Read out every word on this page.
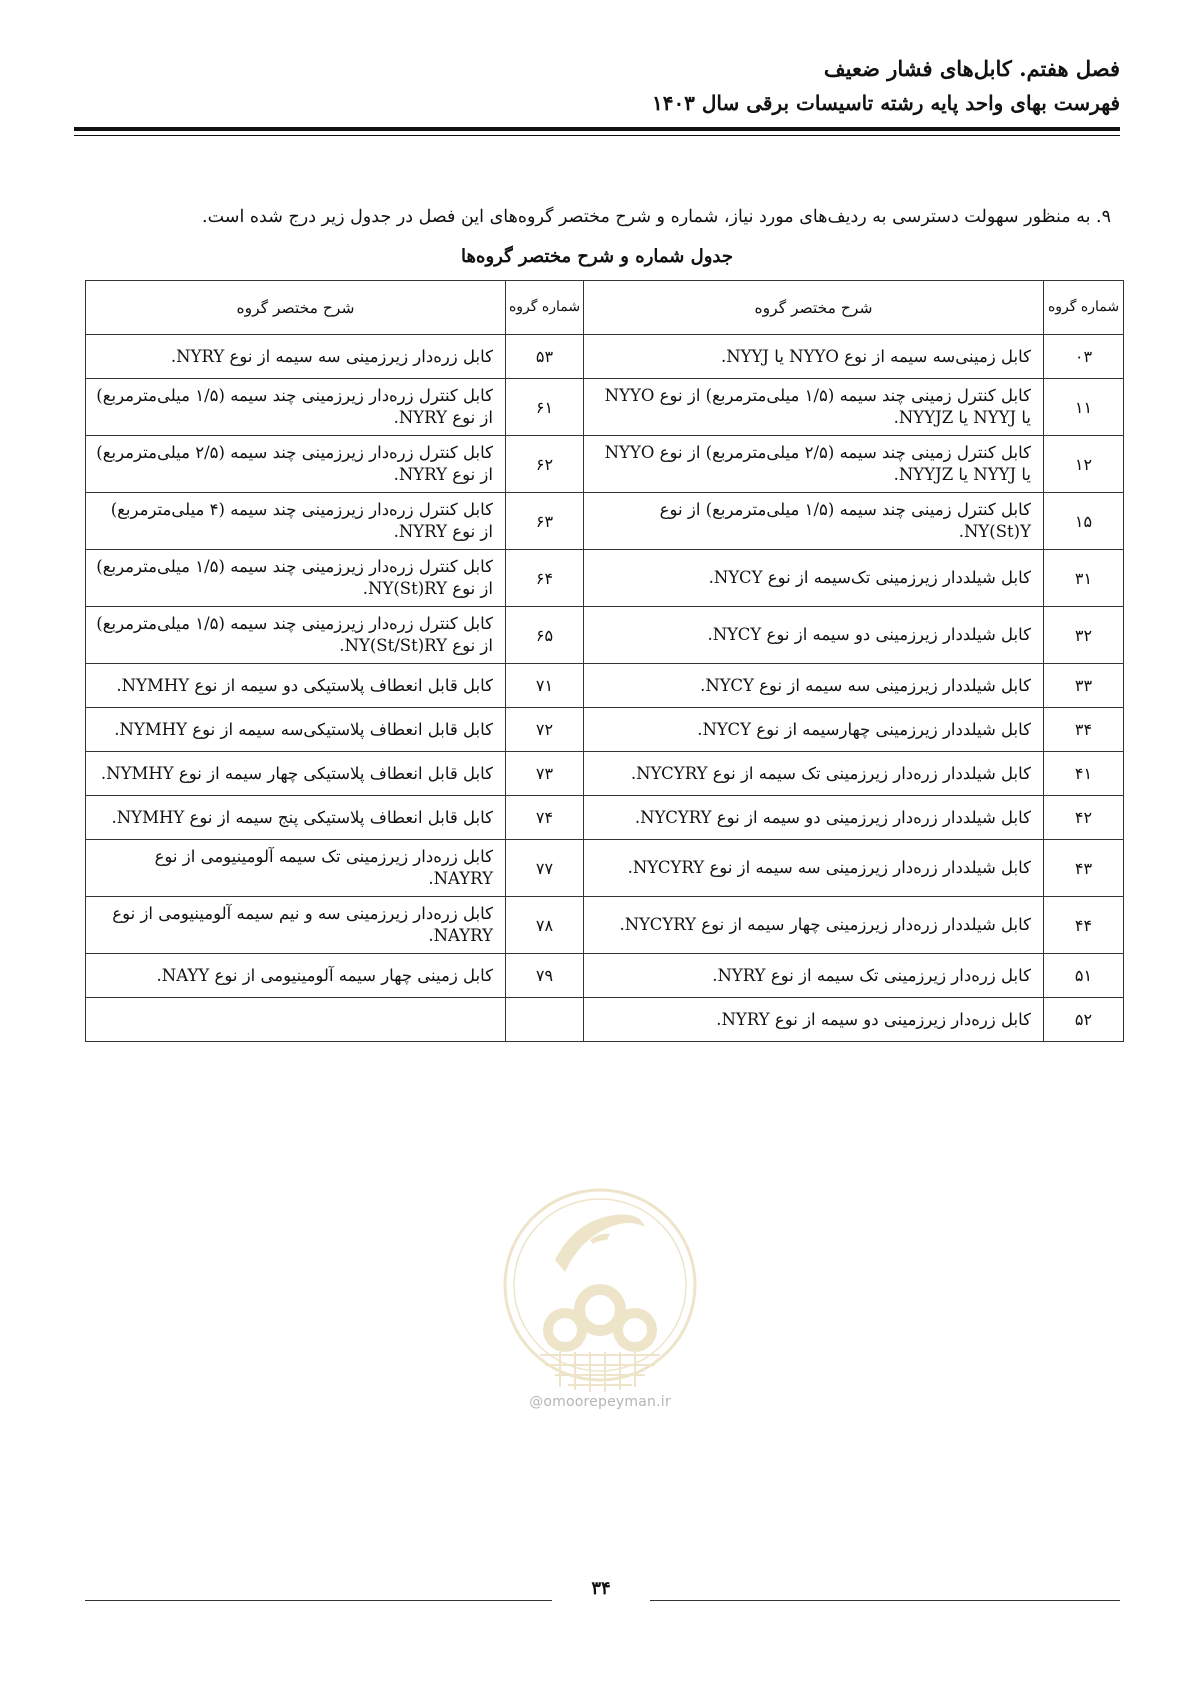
فصل هفتم. کابل‌های فشار ضعیف
فهرست بهای واحد پایه رشته تاسیسات برقی سال ۱۴۰۳
۹. به منظور سهولت دسترسی به ردیف‌های مورد نیاز، شماره و شرح مختصر گروه‌های این فصل در جدول زیر درج شده است.
جدول شماره و شرح مختصر گروه‌ها
شماره گروه	شرح مختصر گروه	شماره گروه	شرح مختصر گروه
۰۳	کابل زمینی‌سه سیمه از نوع NYYO یا NYYJ.	۵۳	کابل زره‌دار زیرزمینی سه سیمه از نوع NYRY.
۱۱	کابل کنترل زمینی چند سیمه (۱/۵ میلی‌مترمربع) از نوع NYYO یا NYYJ یا NYYJZ.	۶۱	کابل کنترل زره‌دار زیرزمینی چند سیمه (۱/۵ میلی‌مترمربع) از نوع NYRY.
۱۲	کابل کنترل زمینی چند سیمه (۲/۵ میلی‌مترمربع) از نوع NYYO یا NYYJ یا NYYJZ.	۶۲	کابل کنترل زره‌دار زیرزمینی چند سیمه (۲/۵ میلی‌مترمربع) از نوع NYRY.
۱۵	کابل کنترل زمینی چند سیمه (۱/۵ میلی‌مترمربع) از نوع NY(St)Y.	۶۳	کابل کنترل زره‌دار زیرزمینی چند سیمه (۴ میلی‌مترمربع) از نوع NYRY.
۳۱	کابل شیلددار زیرزمینی تک‌سیمه از نوع NYCY.	۶۴	کابل کنترل زره‌دار زیرزمینی چند سیمه (۱/۵ میلی‌مترمربع) از نوع NY(St)RY.
۳۲	کابل شیلددار زیرزمینی دو سیمه از نوع NYCY.	۶۵	کابل کنترل زره‌دار زیرزمینی چند سیمه (۱/۵ میلی‌مترمربع) از نوع NY(St/St)RY.
۳۳	کابل شیلددار زیرزمینی سه سیمه از نوع NYCY.	۷۱	کابل قابل انعطاف پلاستیکی دو سیمه از نوع NYMHY.
۳۴	کابل شیلددار زیرزمینی چهارسیمه از نوع NYCY.	۷۲	کابل قابل انعطاف پلاستیکی‌سه سیمه از نوع NYMHY.
۴۱	کابل شیلددار زره‌دار زیرزمینی تک سیمه از نوع NYCYRY.	۷۳	کابل قابل انعطاف پلاستیکی چهار سیمه از نوع NYMHY.
۴۲	کابل شیلددار زره‌دار زیرزمینی دو سیمه از نوع NYCYRY.	۷۴	کابل قابل انعطاف پلاستیکی پنج سیمه از نوع NYMHY.
۴۳	کابل شیلددار زره‌دار زیرزمینی سه سیمه از نوع NYCYRY.	۷۷	کابل زره‌دار زیرزمینی تک سیمه آلومینیومی از نوع NAYRY.
۴۴	کابل شیلددار زره‌دار زیرزمینی چهار سیمه از نوع NYCYRY.	۷۸	کابل زره‌دار زیرزمینی سه و نیم سیمه آلومینیومی از نوع NAYRY.
۵۱	کابل زره‌دار زیرزمینی تک سیمه از نوع NYRY.	۷۹	کابل زمینی چهار سیمه آلومینیومی از نوع NAYY.
۵۲	کابل زره‌دار زیرزمینی دو سیمه از نوع NYRY.		
@omoorepeyman.ir
۳۴
